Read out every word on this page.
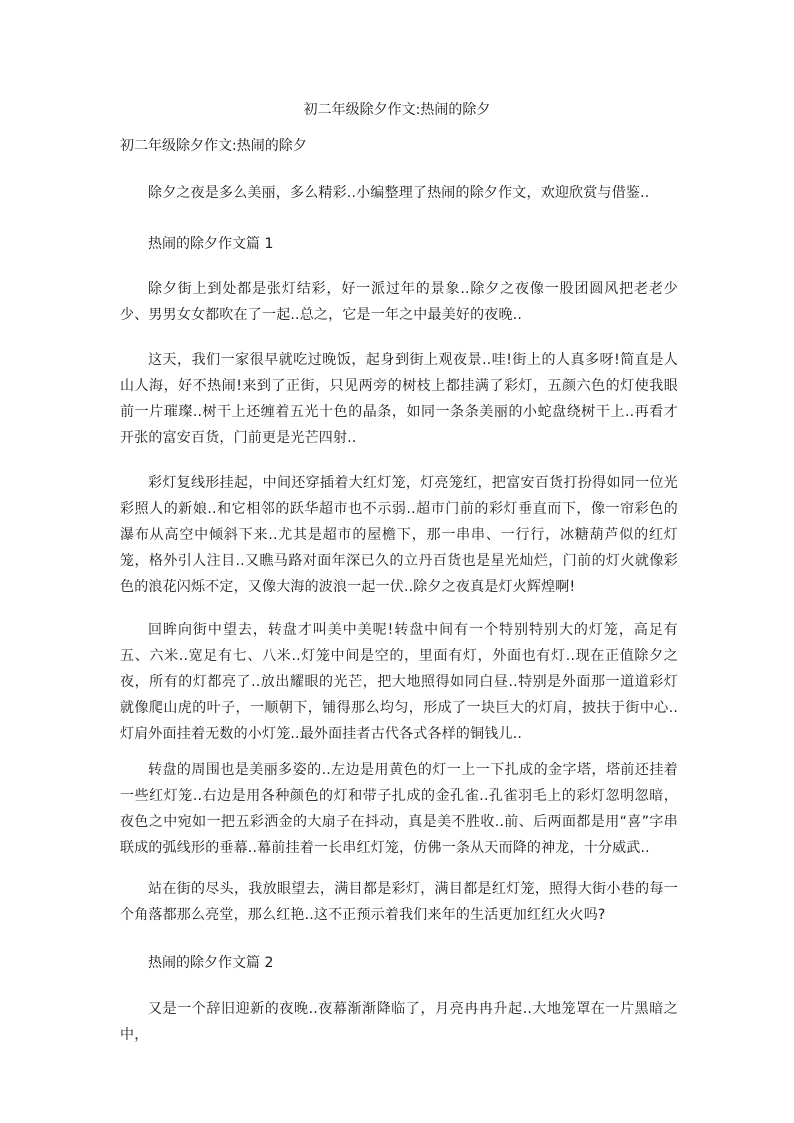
初二年级除夕作文:热闹的除夕
初二年级除夕作文:热闹的除夕

除夕之夜是多么美丽，多么精彩..小编整理了热闹的除夕作文，欢迎欣赏与借鉴..

热闹的除夕作文篇 1

除夕街上到处都是张灯结彩，好一派过年的景象..除夕之夜像一股团圆风把老老少少、男男女女都吹在了一起..总之，它是一年之中最美好的夜晚..

这天，我们一家很早就吃过晚饭，起身到街上观夜景..哇!街上的人真多呀!简直是人山人海，好不热闹!来到了正街，只见两旁的树枝上都挂满了彩灯，五颜六色的灯使我眼前一片璀璨..树干上还缠着五光十色的晶条，如同一条条美丽的小蛇盘绕树干上..再看才开张的富安百货，门前更是光芒四射..

彩灯复线形挂起，中间还穿插着大红灯笼，灯亮笼红，把富安百货打扮得如同一位光彩照人的新娘..和它相邻的跃华超市也不示弱..超市门前的彩灯垂直而下，像一帘彩色的瀑布从高空中倾斜下来..尤其是超市的屋檐下，那一串串、一行行，冰糖葫芦似的红灯笼，格外引人注目..又瞧马路对面年深已久的立丹百货也是星光灿烂，门前的灯火就像彩色的浪花闪烁不定，又像大海的波浪一起一伏..除夕之夜真是灯火辉煌啊!

回眸向街中望去，转盘才叫美中美呢!转盘中间有一个特别特别大的灯笼，高足有五、六米..宽足有七、八米..灯笼中间是空的，里面有灯，外面也有灯..现在正值除夕之夜，所有的灯都亮了..放出耀眼的光芒，把大地照得如同白昼..特别是外面那一道道彩灯就像爬山虎的叶子，一顺朝下，铺得那么均匀，形成了一块巨大的灯肩，披扶于街中心..灯肩外面挂着无数的小灯笼..最外面挂者古代各式各样的铜钱儿..

转盘的周围也是美丽多姿的..左边是用黄色的灯一上一下扎成的金字塔，塔前还挂着一些红灯笼..右边是用各种颜色的灯和带子扎成的金孔雀..孔雀羽毛上的彩灯忽明忽暗，夜色之中宛如一把五彩洒金的大扇子在抖动，真是美不胜收..前、后两面都是用“喜”字串联成的弧线形的垂幕..幕前挂着一长串红灯笼，仿佛一条从天而降的神龙，十分威武..

站在街的尽头，我放眼望去，满目都是彩灯，满目都是红灯笼，照得大街小巷的每一个角落都那么亮堂，那么红艳..这不正预示着我们来年的生活更加红红火火吗?

热闹的除夕作文篇 2

又是一个辞旧迎新的夜晚..夜幕渐渐降临了，月亮冉冉升起..大地笼罩在一片黑暗之中，
